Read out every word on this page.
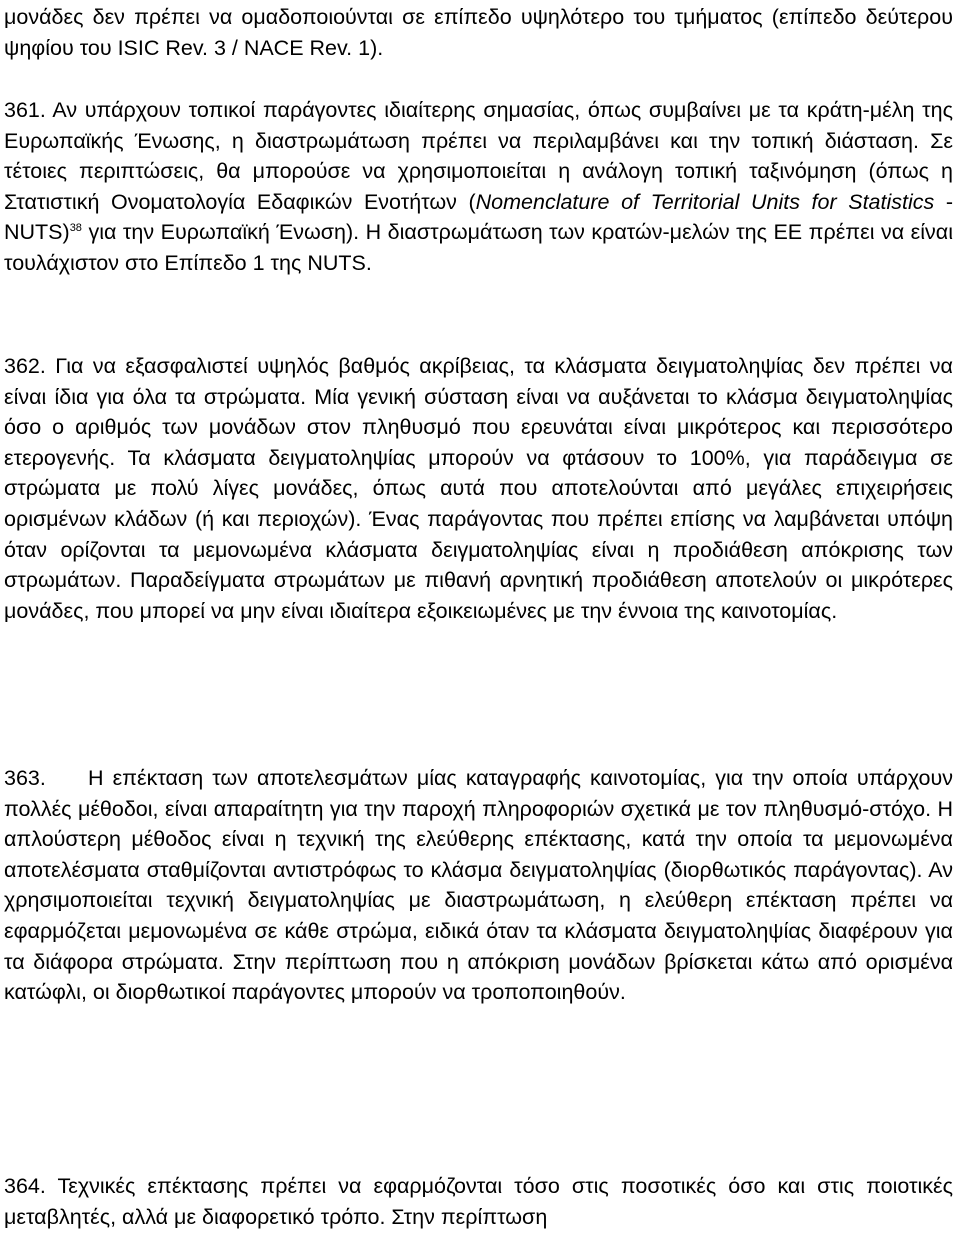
μονάδες δεν πρέπει να ομαδοποιούνται σε επίπεδο υψηλότερο του τμήματος (επίπεδο δεύτερου ψηφίου του ISIC Rev. 3 / NACE Rev. 1).

361. Αν υπάρχουν τοπικοί παράγοντες ιδιαίτερης σημασίας, όπως συμβαίνει με τα κράτη-μέλη της Ευρωπαϊκής Ένωσης, η διαστρωμάτωση πρέπει να περιλαμβάνει και την τοπική διάσταση. Σε τέτοιες περιπτώσεις, θα μπορούσε να χρησιμοποιείται η ανάλογη τοπική ταξινόμηση (όπως η Στατιστική Ονοματολογία Εδαφικών Ενοτήτων (Nomenclature of Territorial Units for Statistics - NUTS)$^{38}$ για την Ευρωπαϊκή Ένωση). Η διαστρωμάτωση των κρατών-μελών της ΕΕ πρέπει να είναι τουλάχιστον στο Επίπεδο 1 της NUTS.

362. Για να εξασφαλιστεί υψηλός βαθμός ακρίβειας, τα κλάσματα δειγματοληψίας δεν πρέπει να είναι ίδια για όλα τα στρώματα. Μία γενική σύσταση είναι να αυξάνεται το κλάσμα δειγματοληψίας όσο ο αριθμός των μονάδων στον πληθυσμό που ερευνάται είναι μικρότερος και περισσότερο ετερογενής. Τα κλάσματα δειγματοληψίας μπορούν να φτάσουν το 100%, για παράδειγμα σε στρώματα με πολύ λίγες μονάδες, όπως αυτά που αποτελούνται από μεγάλες επιχειρήσεις ορισμένων κλάδων (ή και περιοχών). Ένας παράγοντας που πρέπει επίσης να λαμβάνεται υπόψη όταν ορίζονται τα μεμονωμένα κλάσματα δειγματοληψίας είναι η προδιάθεση απόκρισης των στρωμάτων. Παραδείγματα στρωμάτων με πιθανή αρνητική προδιάθεση αποτελούν οι μικρότερες μονάδες, που μπορεί να μην είναι ιδιαίτερα εξοικειωμένες με την έννοια της καινοτομίας.

363. Η επέκταση των αποτελεσμάτων μίας καταγραφής καινοτομίας, για την οποία υπάρχουν πολλές μέθοδοι, είναι απαραίτητη για την παροχή πληροφοριών σχετικά με τον πληθυσμό-στόχο. Η απλούστερη μέθοδος είναι η τεχνική της ελεύθερης επέκτασης, κατά την οποία τα μεμονωμένα αποτελέσματα σταθμίζονται αντιστρόφως το κλάσμα δειγματοληψίας (διορθωτικός παράγοντας). Αν χρησιμοποιείται τεχνική δειγματοληψίας με διαστρωμάτωση, η ελεύθερη επέκταση πρέπει να εφαρμόζεται μεμονωμένα σε κάθε στρώμα, ειδικά όταν τα κλάσματα δειγματοληψίας διαφέρουν για τα διάφορα στρώματα. Στην περίπτωση που η απόκριση μονάδων βρίσκεται κάτω από ορισμένα κατώφλι, οι διορθωτικοί παράγοντες μπορούν να τροποποιηθούν.

364. Τεχνικές επέκτασης πρέπει να εφαρμόζονται τόσο στις ποσοτικές όσο και στις ποιοτικές μεταβλητές, αλλά με διαφορετικό τρόπο. Στην περίπτωση
